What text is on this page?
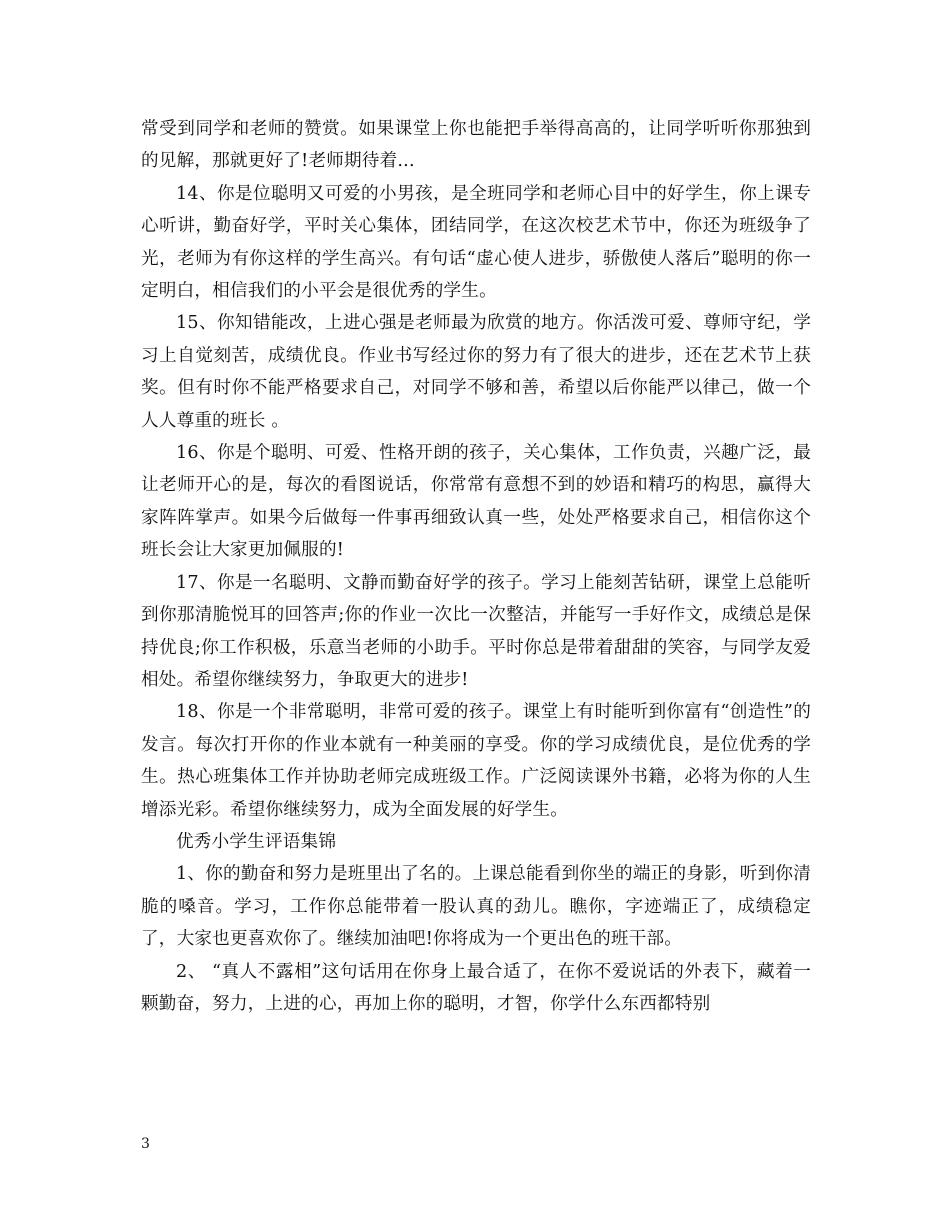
常受到同学和老师的赞赏。如果课堂上你也能把手举得高高的，让同学听听你那独到的见解，那就更好了!老师期待着...

14、你是位聪明又可爱的小男孩，是全班同学和老师心目中的好学生，你上课专心听讲，勤奋好学，平时关心集体，团结同学，在这次校艺术节中，你还为班级争了光，老师为有你这样的学生高兴。有句话“虚心使人进步，骄傲使人落后”聪明的你一定明白，相信我们的小平会是很优秀的学生。

15、你知错能改，上进心强是老师最为欣赏的地方。你活泼可爱、尊师守纪，学习上自觉刻苦，成绩优良。作业书写经过你的努力有了很大的进步，还在艺术节上获奖。但有时你不能严格要求自己，对同学不够和善，希望以后你能严以律己，做一个人人尊重的班长 。

16、你是个聪明、可爱、性格开朗的孩子，关心集体，工作负责，兴趣广泛，最让老师开心的是，每次的看图说话，你常常有意想不到的妙语和精巧的构思，赢得大家阵阵掌声。如果今后做每一件事再细致认真一些，处处严格要求自己，相信你这个班长会让大家更加佩服的!

17、你是一名聪明、文静而勤奋好学的孩子。学习上能刻苦钻研，课堂上总能听到你那清脆悦耳的回答声;你的作业一次比一次整洁，并能写一手好作文，成绩总是保持优良;你工作积极，乐意当老师的小助手。平时你总是带着甜甜的笑容，与同学友爱相处。希望你继续努力，争取更大的进步!

18、你是一个非常聪明，非常可爱的孩子。课堂上有时能听到你富有“创造性”的发言。每次打开你的作业本就有一种美丽的享受。你的学习成绩优良，是位优秀的学生。热心班集体工作并协助老师完成班级工作。广泛阅读课外书籍，必将为你的人生增添光彩。希望你继续努力，成为全面发展的好学生。

优秀小学生评语集锦

1、你的勤奋和努力是班里出了名的。上课总能看到你坐的端正的身影，听到你清脆的嗓音。学习，工作你总能带着一股认真的劲儿。瞧你，字迹端正了，成绩稳定了，大家也更喜欢你了。继续加油吧!你将成为一个更出色的班干部。

2、 “真人不露相”这句话用在你身上最合适了，在你不爱说话的外表下，藏着一颗勤奋，努力，上进的心，再加上你的聪明，才智，你学什么东西都特别

3
